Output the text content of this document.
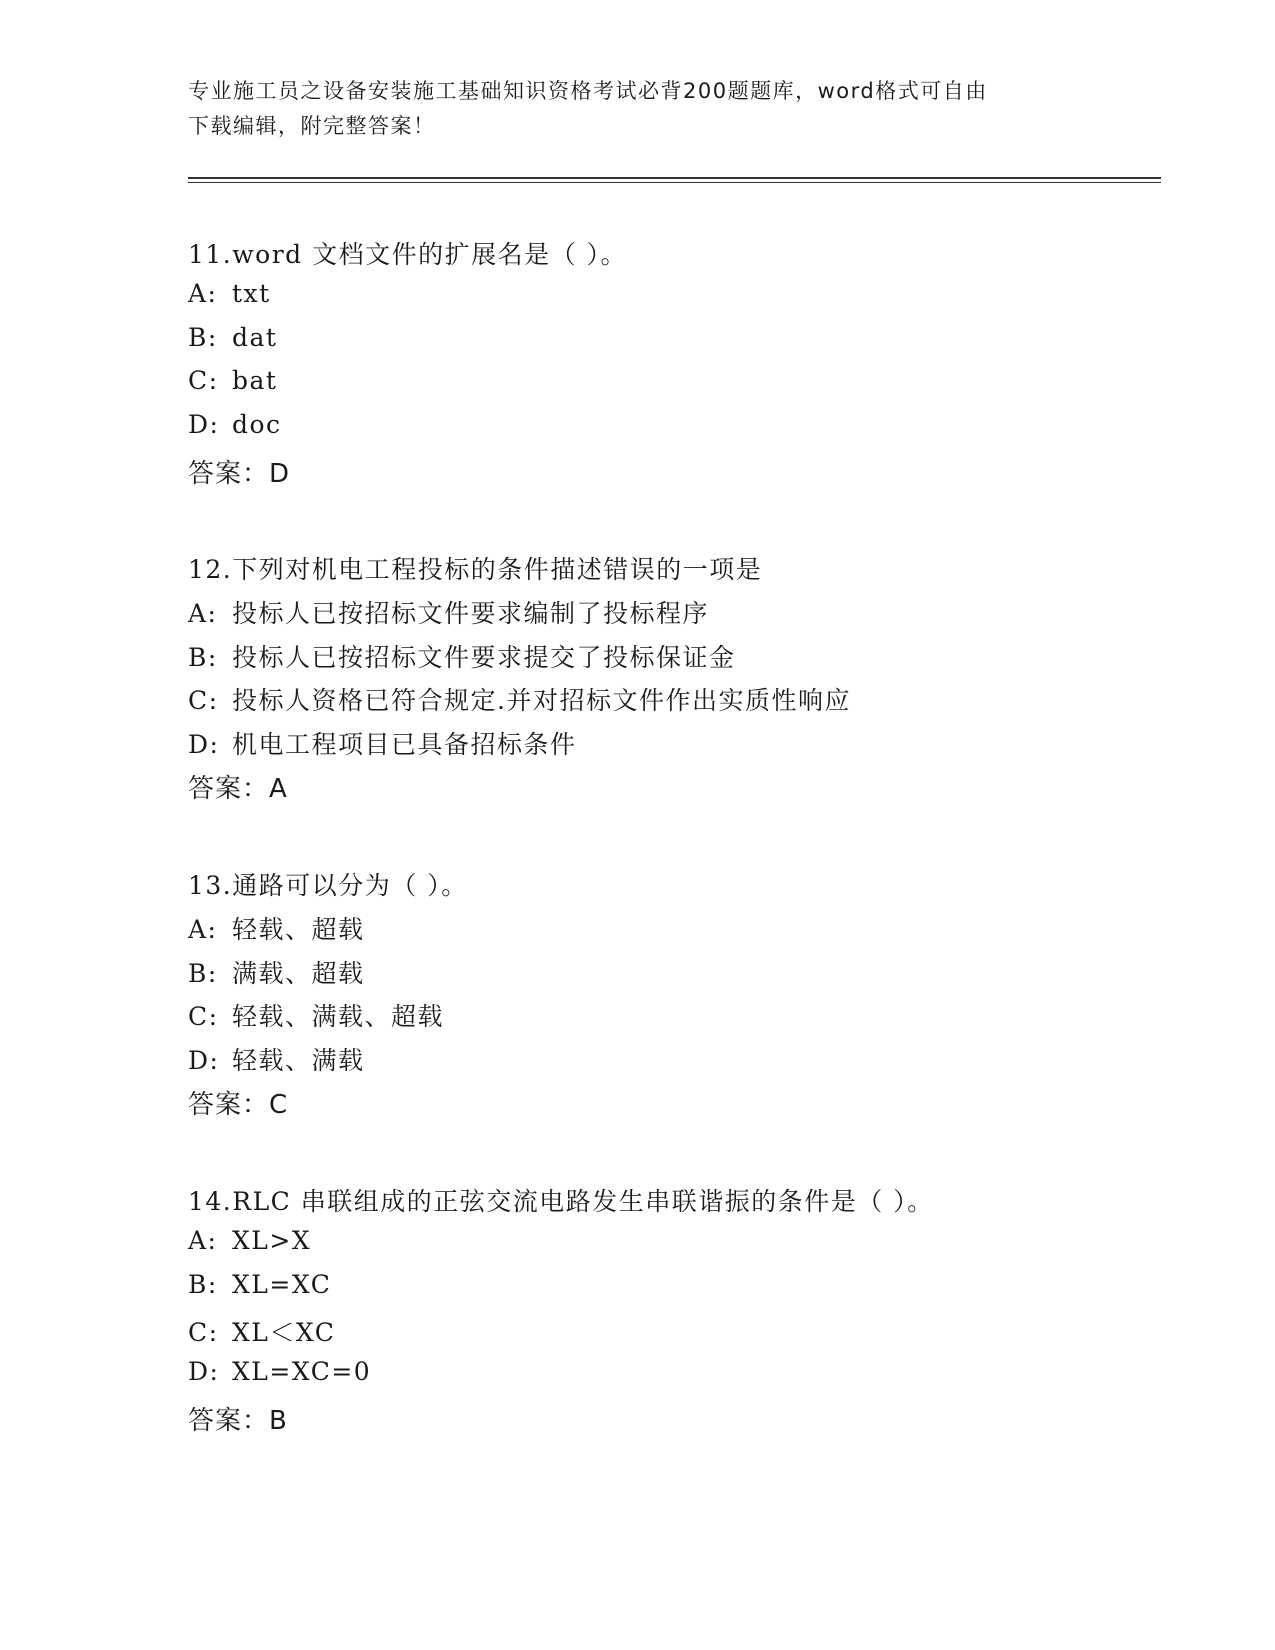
专业施工员之设备安装施工基础知识资格考试必背200题题库，word格式可自由
下载编辑，附完整答案！
11.word 文档文件的扩展名是（ ）。
A: txt
B: dat
C: bat
D: doc
答案：D
12.下列对机电工程投标的条件描述错误的一项是
A: 投标人已按招标文件要求编制了投标程序
B: 投标人已按招标文件要求提交了投标保证金
C: 投标人资格已符合规定.并对招标文件作出实质性响应
D: 机电工程项目已具备招标条件
答案：A
13.通路可以分为（ ）。
A: 轻载、超载
B: 满载、超载
C: 轻载、满载、超载
D: 轻载、满载
答案：C
14.RLC 串联组成的正弦交流电路发生串联谐振的条件是（ ）。
A: XL>X
B: XL=XC
C: XL＜XC
D: XL=XC=0
答案：B
